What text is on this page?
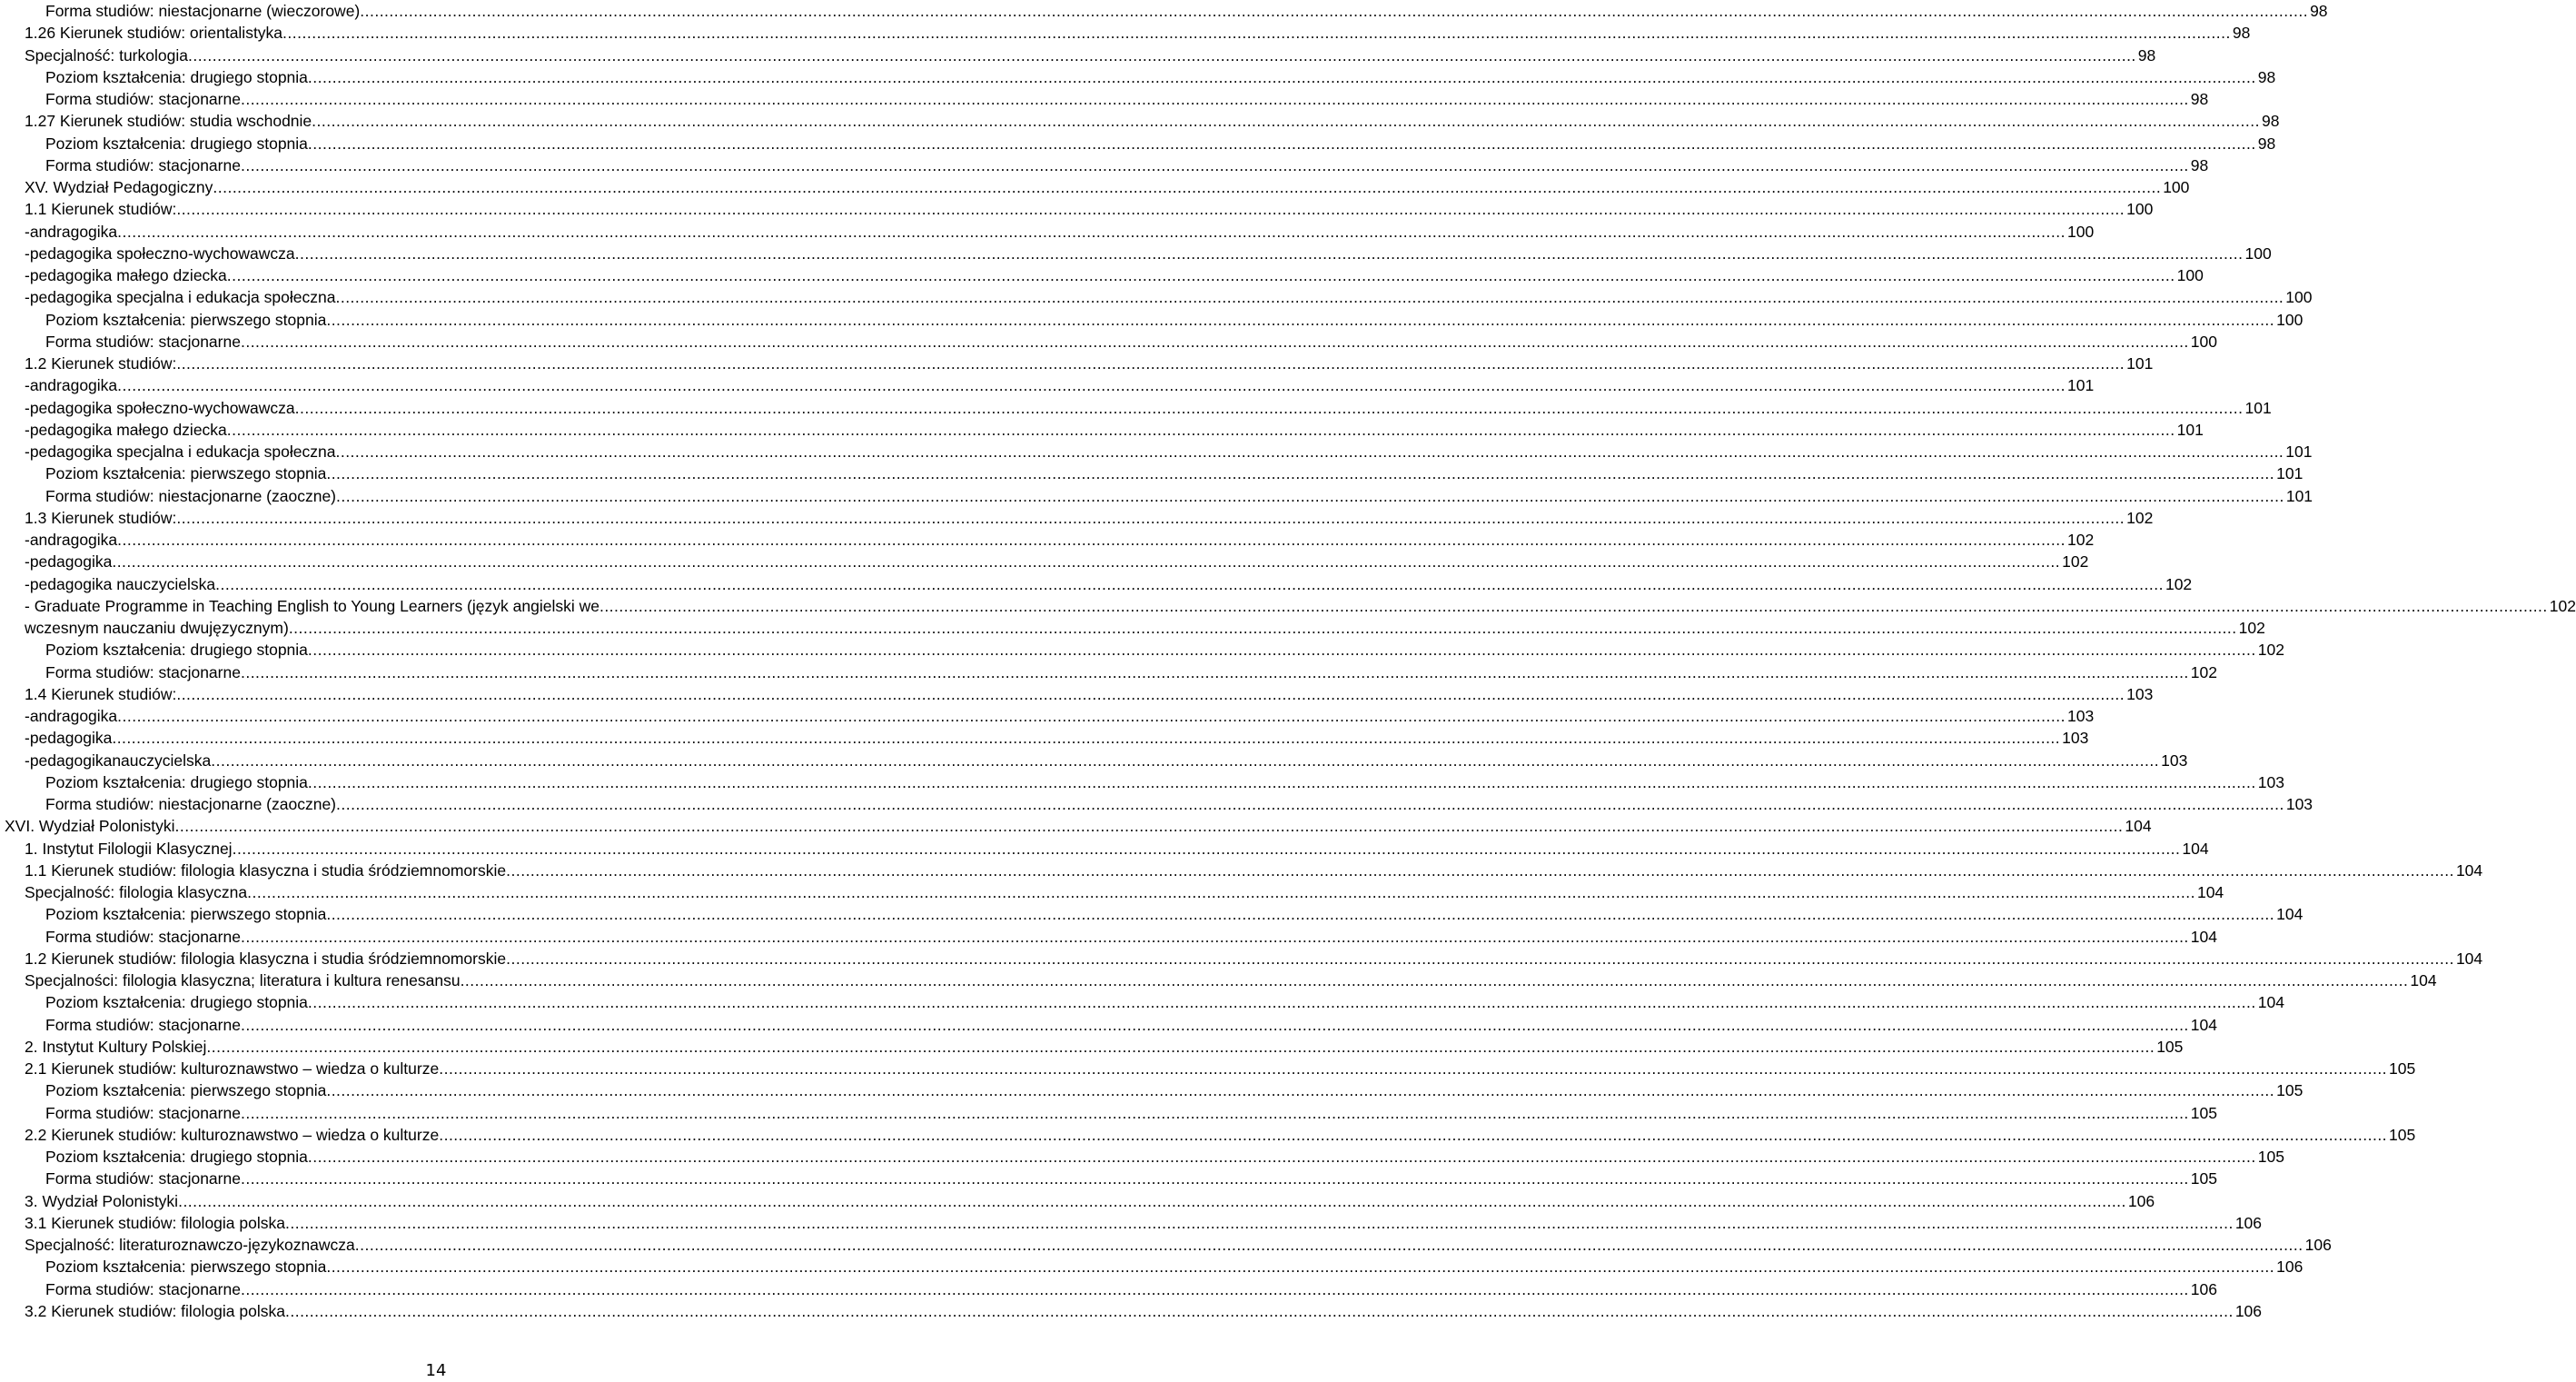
Forma studiów: niestacjonarne (wieczorowe) ................................................................................................................................................................................................................................................................................................................................................................................................................ 98
1.26 Kierunek studiów: orientalistyka ................................................................................................................................................................................................................................................................................................................................................................................................................ 98
Specjalność: turkologia ................................................................................................................................................................................................................................................................................................................................................................................................................ 98
Poziom kształcenia: drugiego stopnia ................................................................................................................................................................................................................................................................................................................................................................................................................ 98
Forma studiów: stacjonarne ................................................................................................................................................................................................................................................................................................................................................................................................................ 98
1.27 Kierunek studiów: studia wschodnie ................................................................................................................................................................................................................................................................................................................................................................................................................ 98
Poziom kształcenia: drugiego stopnia ................................................................................................................................................................................................................................................................................................................................................................................................................ 98
Forma studiów: stacjonarne ................................................................................................................................................................................................................................................................................................................................................................................................................ 98
XV. Wydział Pedagogiczny ................................................................................................................................................................................................................................................................................................................................................................................................................ 100
1.1 Kierunek studiów: ................................................................................................................................................................................................................................................................................................................................................................................................................ 100
-andragogika ................................................................................................................................................................................................................................................................................................................................................................................................................ 100
-pedagogika społeczno-wychowawcza ................................................................................................................................................................................................................................................................................................................................................................................................................ 100
-pedagogika małego dziecka ................................................................................................................................................................................................................................................................................................................................................................................................................ 100
-pedagogika specjalna i edukacja społeczna ................................................................................................................................................................................................................................................................................................................................................................................................................ 100
Poziom kształcenia: pierwszego stopnia ................................................................................................................................................................................................................................................................................................................................................................................................................ 100
Forma studiów: stacjonarne ................................................................................................................................................................................................................................................................................................................................................................................................................ 100
1.2 Kierunek studiów: ................................................................................................................................................................................................................................................................................................................................................................................................................ 101
-andragogika ................................................................................................................................................................................................................................................................................................................................................................................................................ 101
-pedagogika społeczno-wychowawcza ................................................................................................................................................................................................................................................................................................................................................................................................................ 101
-pedagogika małego dziecka ................................................................................................................................................................................................................................................................................................................................................................................................................ 101
-pedagogika specjalna i edukacja społeczna ................................................................................................................................................................................................................................................................................................................................................................................................................ 101
Poziom kształcenia: pierwszego stopnia ................................................................................................................................................................................................................................................................................................................................................................................................................ 101
Forma studiów: niestacjonarne (zaoczne) ................................................................................................................................................................................................................................................................................................................................................................................................................ 101
1.3 Kierunek studiów: ................................................................................................................................................................................................................................................................................................................................................................................................................ 102
-andragogika ................................................................................................................................................................................................................................................................................................................................................................................................................ 102
-pedagogika ................................................................................................................................................................................................................................................................................................................................................................................................................ 102
-pedagogika nauczycielska ................................................................................................................................................................................................................................................................................................................................................................................................................ 102
- Graduate Programme in Teaching English to Young Learners (język angielski we ................................................................................................................................................................................................................................................................................................................................................................................................................ 102
wczesnym nauczaniu dwujęzycznym) ................................................................................................................................................................................................................................................................................................................................................................................................................ 102
Poziom kształcenia: drugiego stopnia ................................................................................................................................................................................................................................................................................................................................................................................................................ 102
Forma studiów: stacjonarne ................................................................................................................................................................................................................................................................................................................................................................................................................ 102
1.4 Kierunek studiów: ................................................................................................................................................................................................................................................................................................................................................................................................................ 103
-andragogika ................................................................................................................................................................................................................................................................................................................................................................................................................ 103
-pedagogika ................................................................................................................................................................................................................................................................................................................................................................................................................ 103
-pedagogikanauczycielska ................................................................................................................................................................................................................................................................................................................................................................................................................ 103
Poziom kształcenia: drugiego stopnia ................................................................................................................................................................................................................................................................................................................................................................................................................ 103
Forma studiów: niestacjonarne (zaoczne) ................................................................................................................................................................................................................................................................................................................................................................................................................ 103
XVI. Wydział Polonistyki ................................................................................................................................................................................................................................................................................................................................................................................................................ 104
1. Instytut Filologii Klasycznej ................................................................................................................................................................................................................................................................................................................................................................................................................ 104
1.1 Kierunek studiów: filologia klasyczna i studia śródziemnomorskie ................................................................................................................................................................................................................................................................................................................................................................................................................ 104
Specjalność: filologia klasyczna ................................................................................................................................................................................................................................................................................................................................................................................................................ 104
Poziom kształcenia: pierwszego stopnia ................................................................................................................................................................................................................................................................................................................................................................................................................ 104
Forma studiów: stacjonarne ................................................................................................................................................................................................................................................................................................................................................................................................................ 104
1.2 Kierunek studiów: filologia klasyczna i studia śródziemnomorskie ................................................................................................................................................................................................................................................................................................................................................................................................................ 104
Specjalności: filologia klasyczna; literatura i kultura renesansu ................................................................................................................................................................................................................................................................................................................................................................................................................ 104
Poziom kształcenia: drugiego stopnia ................................................................................................................................................................................................................................................................................................................................................................................................................ 104
Forma studiów: stacjonarne ................................................................................................................................................................................................................................................................................................................................................................................................................ 104
2. Instytut Kultury Polskiej ................................................................................................................................................................................................................................................................................................................................................................................................................ 105
2.1 Kierunek studiów: kulturoznawstwo – wiedza o kulturze ................................................................................................................................................................................................................................................................................................................................................................................................................ 105
Poziom kształcenia: pierwszego stopnia ................................................................................................................................................................................................................................................................................................................................................................................................................ 105
Forma studiów: stacjonarne ................................................................................................................................................................................................................................................................................................................................................................................................................ 105
2.2 Kierunek studiów: kulturoznawstwo – wiedza o kulturze ................................................................................................................................................................................................................................................................................................................................................................................................................ 105
Poziom kształcenia: drugiego stopnia ................................................................................................................................................................................................................................................................................................................................................................................................................ 105
Forma studiów: stacjonarne ................................................................................................................................................................................................................................................................................................................................................................................................................ 105
3. Wydział Polonistyki ................................................................................................................................................................................................................................................................................................................................................................................................................ 106
3.1 Kierunek studiów: filologia polska ................................................................................................................................................................................................................................................................................................................................................................................................................ 106
Specjalność: literaturoznawczo-językoznawcza ................................................................................................................................................................................................................................................................................................................................................................................................................ 106
Poziom kształcenia: pierwszego stopnia ................................................................................................................................................................................................................................................................................................................................................................................................................ 106
Forma studiów: stacjonarne ................................................................................................................................................................................................................................................................................................................................................................................................................ 106
3.2 Kierunek studiów: filologia polska ................................................................................................................................................................................................................................................................................................................................................................................................................ 106
14
